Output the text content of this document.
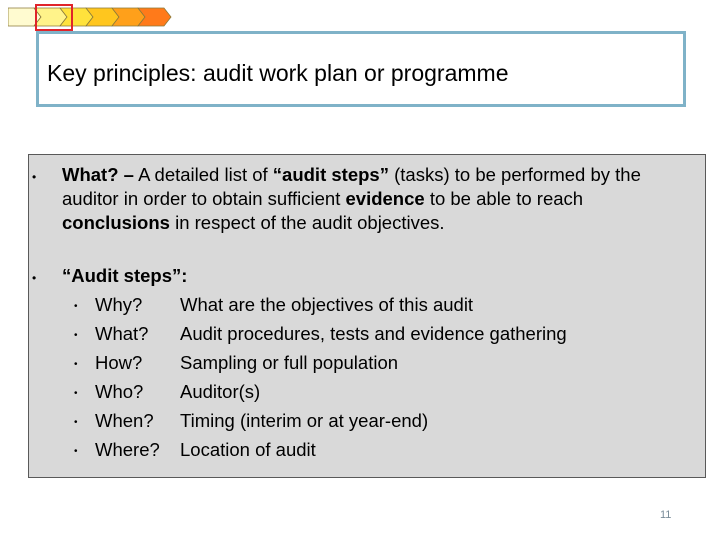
Key principles: audit work plan or programme
•	What? – A detailed list of “audit steps” (tasks) to be performed by the auditor in order to obtain sufficient evidence to be able to reach conclusions in respect of the audit objectives.
•	“Audit steps”:
• Why? What are the objectives of this audit
• What? Audit procedures, tests and evidence gathering
• How? Sampling or full population
• Who? Auditor(s)
• When? Timing (interim or at year-end)
• Where? Location of audit
11
